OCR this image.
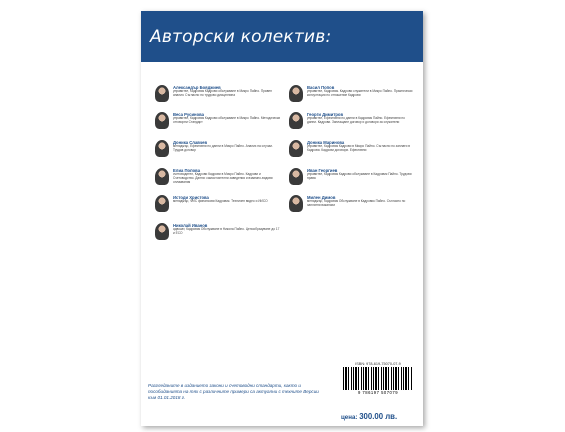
Авторски колектив:
Александър Бояджиев
управител, Кадровик Кадрови обслужване в Микро Пайно. Правен анализ: Съгласно по трудово дисциплина
Весa Русинова
управител, Кадровик Кадрови обслужване в Микро Пайно. Методически отговорни Стандарт
Доника Славчев
мениджър, Ефективни по данни в Микро Пайно. Анализ на случаи. Трудов договор
Елиа Попова
счетоводител, Кадрови Кадрови в Микро Пайно. Кадрови и Счетоводство. Данни: самостоятелни заведения и взаимно-видови оплаквания
Истоди Христова
мениджър, ФИС финансови Кадровик. Техничен видео и ИИСО
Николай Иванов
адвокат, Кадровик Обслужване в Никола Пайно. Ценообразуване до 17 и ЕСО
Васил Попов
управител, Кадровик. Кадрови служители в Микро Пайно. Практически консултации по отношение Кадрови
Георги Димитров
управител, Ефективни по данни в Кадровик Пайно. Ефективни по данни. Кадрови. Заплащане договор и договори за служители
Доника Маринова
управител, Кадровик Кадрови в Микро Пайно. Съгласно по заплати в Кадрови. Кадрови договори. Ефективни
Иван Георгиев
управител, Кадровик Кадрови обслужване в Кадровик Пайно. Трудови права
Милен Димов
мениджър, Кадровик Обслужване в Кадровик Пайно. Съгласно по заплатни вакансии
ISBN: 978-619-75070-07-9
9 786197 507079
Разгледаните в изданието закони и счетоводни стандарти, както и пособиданията на тях с различните примери са актуални с техните Версии към 01.01.2018 г.
цена: 300.00 лв.
